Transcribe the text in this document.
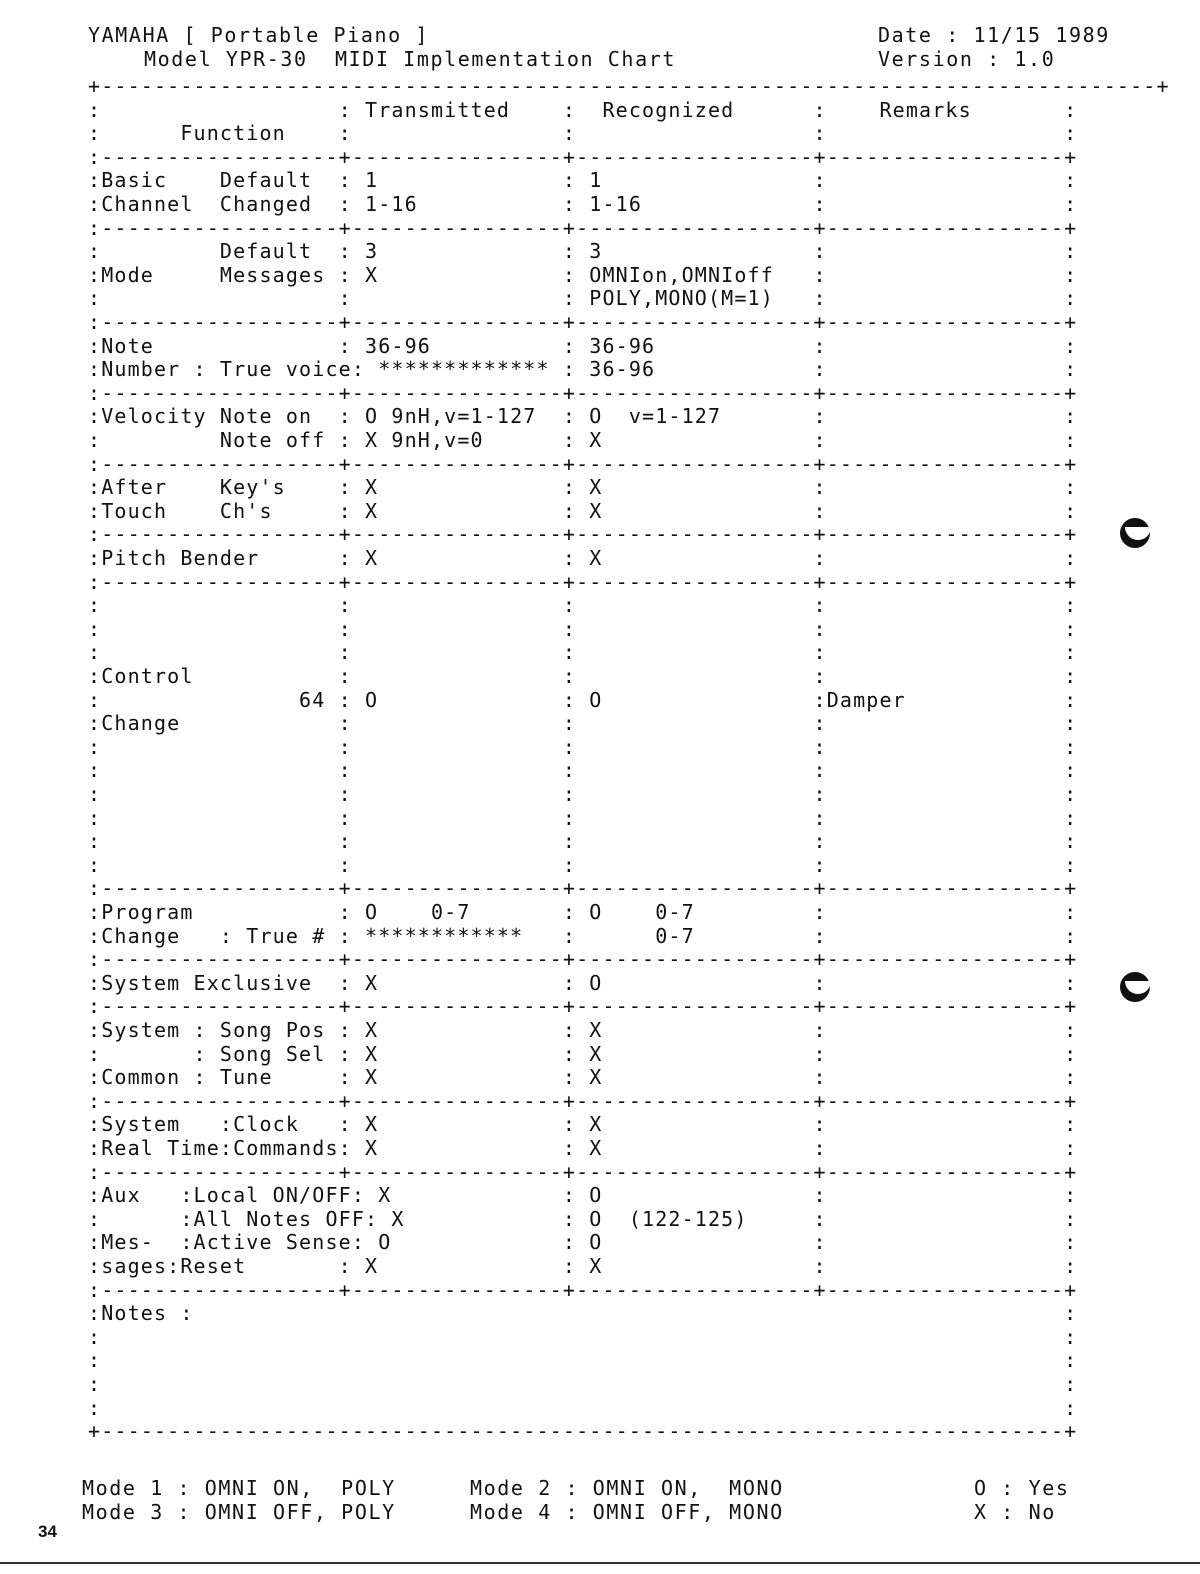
YAMAHA [ Portable Piano ]
Model YPR-30  MIDI Implementation Chart
Date : 11/15 1989
Version : 1.0
+--------------------------------------------------------------------------------+
:                  : Transmitted    :  Recognized      :    Remarks       :
:      Function    :                :                  :                  :
:------------------+----------------+------------------+------------------+
:Basic    Default  : 1              : 1                :                  :
:Channel  Changed  : 1-16           : 1-16             :                  :
:------------------+----------------+------------------+------------------+
:         Default  : 3              : 3                :                  :
:Mode     Messages : X              : OMNIon,OMNIoff   :                  :
:                  :                : POLY,MONO(M=1)   :                  :
:------------------+----------------+------------------+------------------+
:Note              : 36-96          : 36-96            :                  :
:Number : True voice: ************* : 36-96            :                  :
:------------------+----------------+------------------+------------------+
:Velocity Note on  : O 9nH,v=1-127  : O  v=1-127       :                  :
:         Note off : X 9nH,v=0      : X                :                  :
:------------------+----------------+------------------+------------------+
:After    Key's    : X              : X                :                  :
:Touch    Ch's     : X              : X                :                  :
:------------------+----------------+------------------+------------------+
:Pitch Bender      : X              : X                :                  :
:------------------+----------------+------------------+------------------+
:                  :                :                  :                  :
:                  :                :                  :                  :
:                  :                :                  :                  :
:Control           :                :                  :                  :
:               64 : O              : O                :Damper            :
:Change            :                :                  :                  :
:                  :                :                  :                  :
:                  :                :                  :                  :
:                  :                :                  :                  :
:                  :                :                  :                  :
:                  :                :                  :                  :
:                  :                :                  :                  :
:------------------+----------------+------------------+------------------+
:Program           : O    0-7       : O    0-7         :                  :
:Change   : True # : ************   :      0-7         :                  :
:------------------+----------------+------------------+------------------+
:System Exclusive  : X              : O                :                  :
:------------------+----------------+------------------+------------------+
:System : Song Pos : X              : X                :                  :
:       : Song Sel : X              : X                :                  :
:Common : Tune     : X              : X                :                  :
:------------------+----------------+------------------+------------------+
:System   :Clock   : X              : X                :                  :
:Real Time:Commands: X              : X                :                  :
:------------------+----------------+------------------+------------------+
:Aux   :Local ON/OFF: X             : O                :                  :
:      :All Notes OFF: X            : O  (122-125)     :                  :
:Mes-  :Active Sense: O             : O                :                  :
:sages:Reset       : X              : X                :                  :
:------------------+----------------+------------------+------------------+
:Notes :                                                                  :
:                                                                         :
:                                                                         :
:                                                                         :
:                                                                         :
+-------------------------------------------------------------------------+
Mode 1 : OMNI ON,  POLY	Mode 2 : OMNI ON,  MONO	O : Yes
Mode 3 : OMNI OFF, POLY	Mode 4 : OMNI OFF, MONO	X : No
34
